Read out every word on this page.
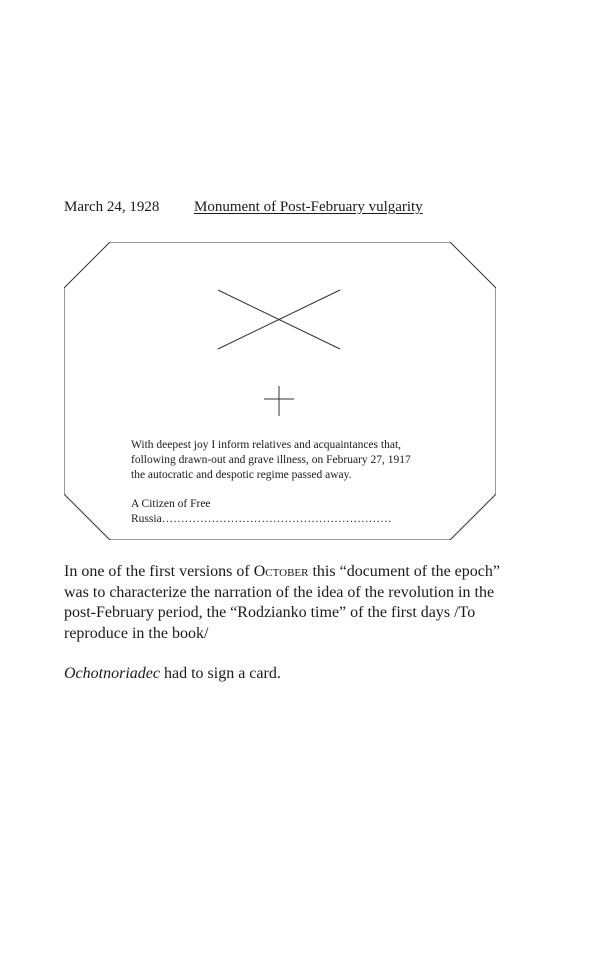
March 24, 1928 Monument of Post-February vulgarity

With deepest joy I inform relatives and acquaintances that,

following drawn-out and grave illness, on February 27, 1917

the autocratic and despotic regime passed away.

A Citizen of Free Russia……………………………………………………

In one of the first versions of October this “document of the epoch” was to characterize the narration of the idea of the revolution in the post-February period, the “Rodzianko time” of the first days /To reproduce in the book/

Ochotnoriadec had to sign a card.
